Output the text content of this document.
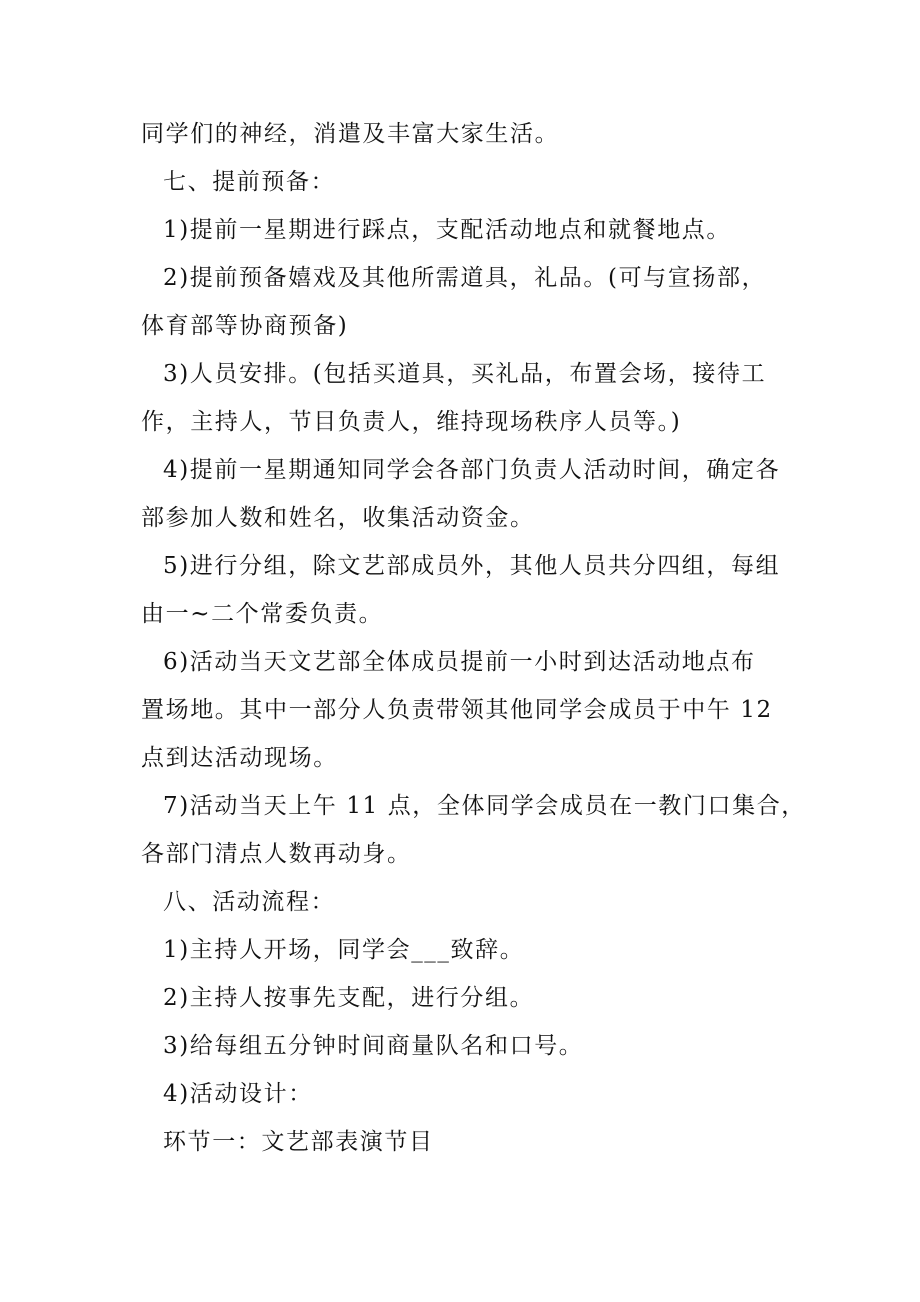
同学们的神经，消遣及丰富大家生活。
七、提前预备：
1)提前一星期进行踩点，支配活动地点和就餐地点。
2)提前预备嬉戏及其他所需道具，礼品。(可与宣扬部，
体育部等协商预备)
3)人员安排。(包括买道具，买礼品，布置会场，接待工
作，主持人，节目负责人，维持现场秩序人员等。)
4)提前一星期通知同学会各部门负责人活动时间，确定各
部参加人数和姓名，收集活动资金。
5)进行分组，除文艺部成员外，其他人员共分四组，每组
由一~二个常委负责。
6)活动当天文艺部全体成员提前一小时到达活动地点布
置场地。其中一部分人负责带领其他同学会成员于中午 12
点到达活动现场。
7)活动当天上午 11 点，全体同学会成员在一教门口集合，
各部门清点人数再动身。
八、活动流程：
1)主持人开场，同学会___致辞。
2)主持人按事先支配，进行分组。
3)给每组五分钟时间商量队名和口号。
4)活动设计：
环节一：文艺部表演节目
